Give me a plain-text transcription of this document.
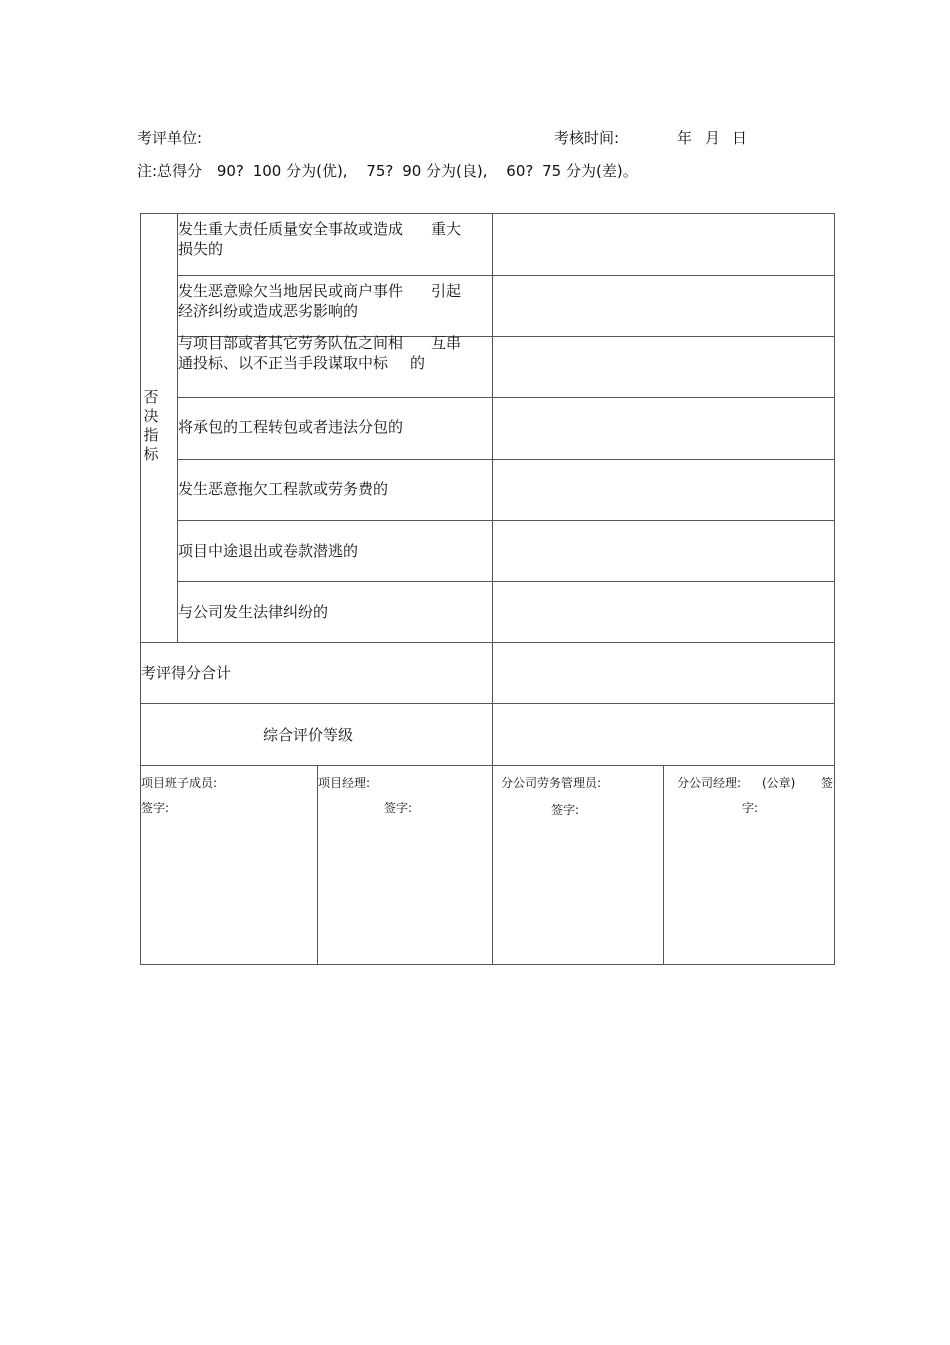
考评单位:	考核时间:	年 月 日
注:总得分 90? 100 分为(优), 75? 90 分为(良), 60? 75 分为(差)。
否决指标
发生重大责任质量安全事故或造成 重大
损失的
发生恶意赊欠当地居民或商户事件 引起
经济纠纷或造成恶劣影响的
与项目部或者其它劳务队伍之间相 互串
通投标、以不正当手段谋取中标 的
将承包的工程转包或者违法分包的
发生恶意拖欠工程款或劳务费的
项目中途退出或卷款潜逃的
与公司发生法律纠纷的
考评得分合计
综合评价等级
项目班子成员:
签字:
项目经理:
签字:
分公司劳务管理员:
签字:
分公司经理: (公章) 签
字:
